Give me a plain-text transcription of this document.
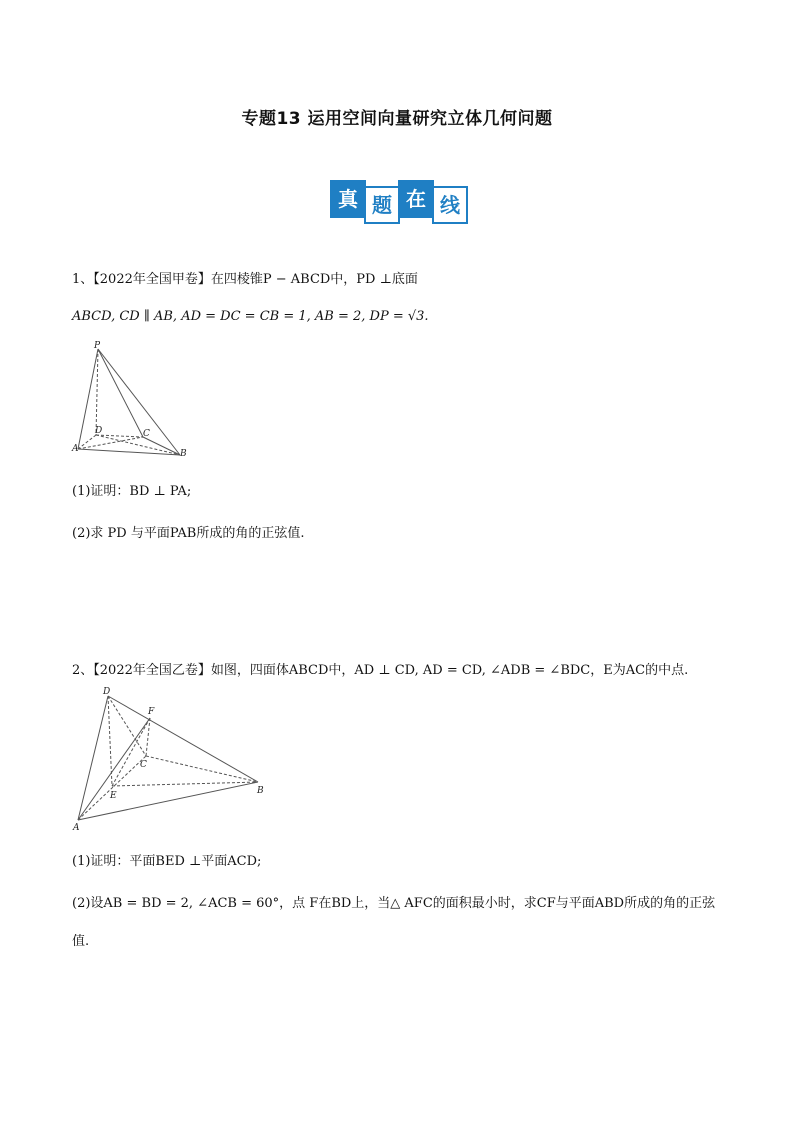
专题13 运用空间向量研究立体几何问题
真 题 在 线
1、【2022年全国甲卷】在四棱锥P − ABCD中，PD ⊥底面
ABCD, CD ∥ AB, AD = DC = CB = 1, AB = 2, DP = √3.
P
D	C
A	B
(1)证明：BD ⊥ PA;
(2)求 PD 与平面PAB所成的角的正弦值.
2、【2022年全国乙卷】如图，四面体ABCD中，AD ⊥ CD, AD = CD, ∠ADB = ∠BDC，E为AC的中点.
D
F
C
E	B
A
(1)证明：平面BED ⊥平面ACD;
(2)设AB = BD = 2, ∠ACB = 60°，点 F在BD上，当△ AFC的面积最小时，求CF与平面ABD所成的角的正弦
值.
